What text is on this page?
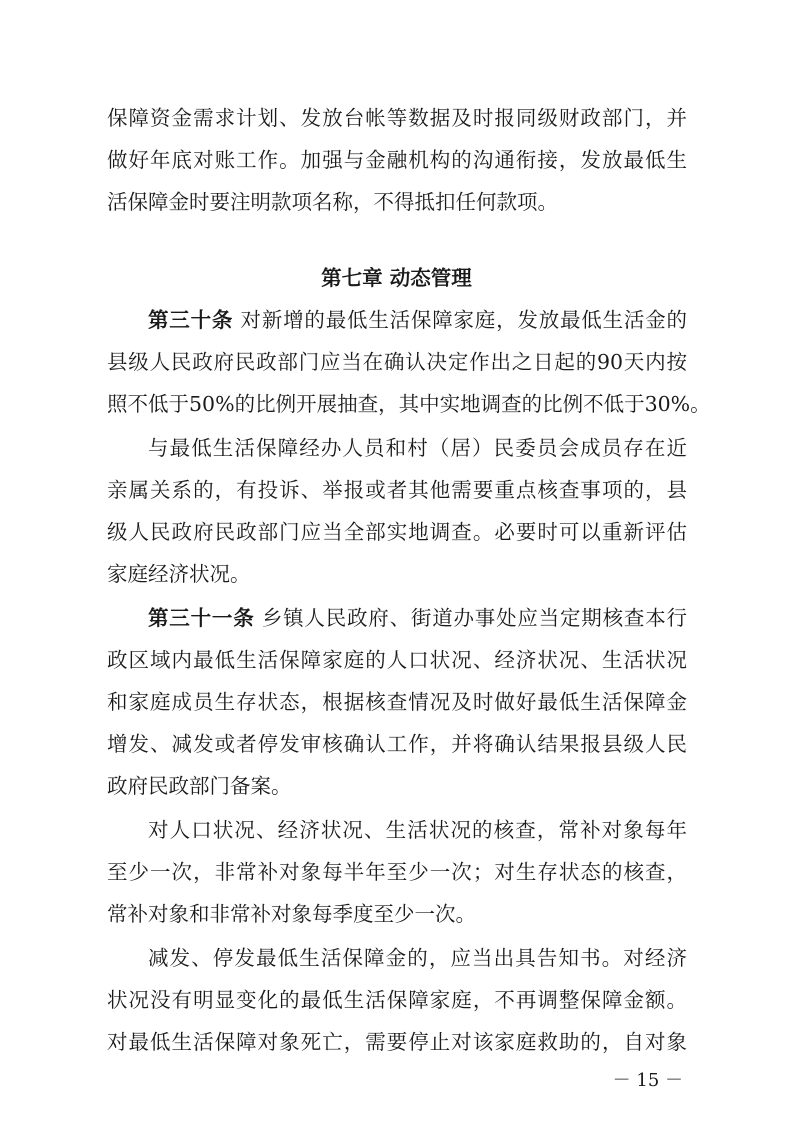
保障资金需求计划、发放台帐等数据及时报同级财政部门，并
做好年底对账工作。加强与金融机构的沟通衔接，发放最低生
活保障金时要注明款项名称，不得抵扣任何款项。
第七章 动态管理
第三十条 对新增的最低生活保障家庭，发放最低生活金的
县级人民政府民政部门应当在确认决定作出之日起的90天内按
照不低于50%的比例开展抽查，其中实地调查的比例不低于30%。
与最低生活保障经办人员和村（居）民委员会成员存在近
亲属关系的，有投诉、举报或者其他需要重点核查事项的，县
级人民政府民政部门应当全部实地调查。必要时可以重新评估
家庭经济状况。
第三十一条 乡镇人民政府、街道办事处应当定期核查本行
政区域内最低生活保障家庭的人口状况、经济状况、生活状况
和家庭成员生存状态，根据核查情况及时做好最低生活保障金
增发、减发或者停发审核确认工作，并将确认结果报县级人民
政府民政部门备案。
对人口状况、经济状况、生活状况的核查，常补对象每年
至少一次，非常补对象每半年至少一次；对生存状态的核查，
常补对象和非常补对象每季度至少一次。
减发、停发最低生活保障金的，应当出具告知书。对经济
状况没有明显变化的最低生活保障家庭，不再调整保障金额。
对最低生活保障对象死亡，需要停止对该家庭救助的，自对象
－ 15 －
